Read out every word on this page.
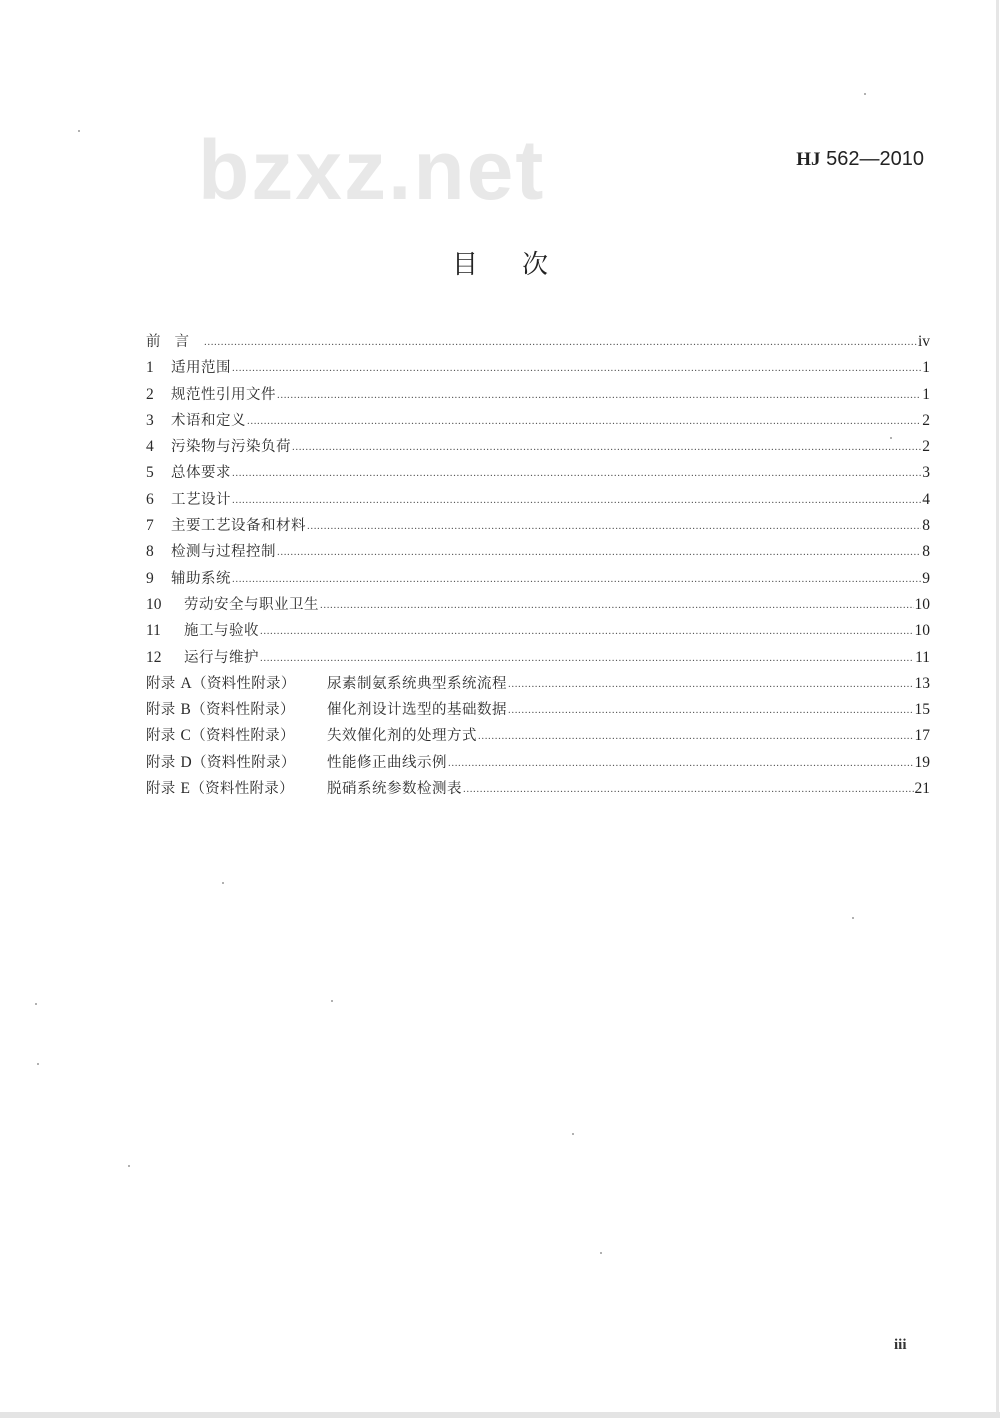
bzxz.net	HJ 562—2010
目次
前言 .....	iv
1	适用范围 .....	1
2	规范性引用文件 .....	1
3	术语和定义 .....	2
4	污染物与污染负荷 .....	2
5	总体要求 .....	3
6	工艺设计 .....	4
7	主要工艺设备和材料 .....	8
8	检测与过程控制 .....	8
9	辅助系统 .....	9
10	劳动安全与职业卫生 .....	10
11	施工与验收 .....	10
12	运行与维护 .....	11
附录 A（资料性附录）	尿素制氨系统典型系统流程 .....	13
附录 B（资料性附录）	催化剂设计选型的基础数据 .....	15
附录 C（资料性附录）	失效催化剂的处理方式 .....	17
附录 D（资料性附录）	性能修正曲线示例 .....	19
附录 E（资料性附录）	脱硝系统参数检测表 .....	21
iii
